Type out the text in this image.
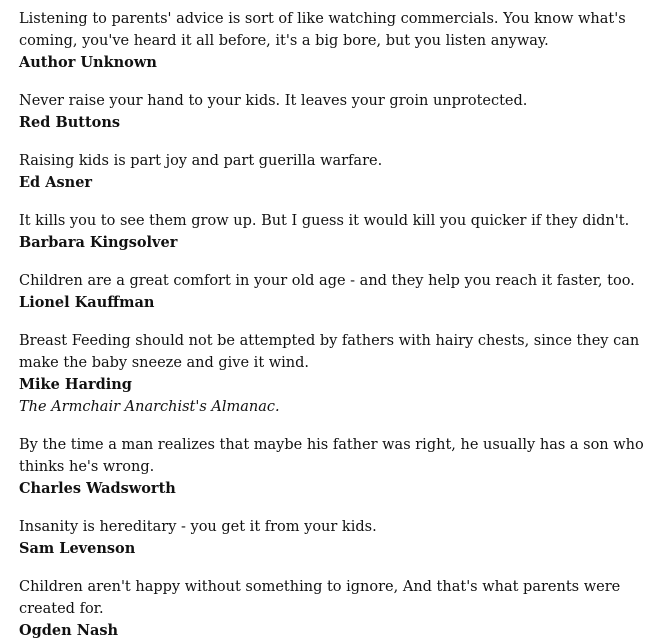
Listening to parents' advice is sort of like watching commercials. You know what's coming, you've heard it all before, it's a big bore, but you listen anyway.

Author Unknown

Never raise your hand to your kids. It leaves your groin unprotected.

Red Buttons

Raising kids is part joy and part guerilla warfare.

Ed Asner

It kills you to see them grow up. But I guess it would kill you quicker if they didn't.

Barbara Kingsolver

Children are a great comfort in your old age - and they help you reach it faster, too.

Lionel Kauffman

Breast Feeding should not be attempted by fathers with hairy chests, since they can make the baby sneeze and give it wind.

Mike Harding

The Armchair Anarchist's Almanac.

By the time a man realizes that maybe his father was right, he usually has a son who thinks he's wrong.

Charles Wadsworth

Insanity is hereditary - you get it from your kids.

Sam Levenson

Children aren't happy without something to ignore, And that's what parents were created for.

Ogden Nash
